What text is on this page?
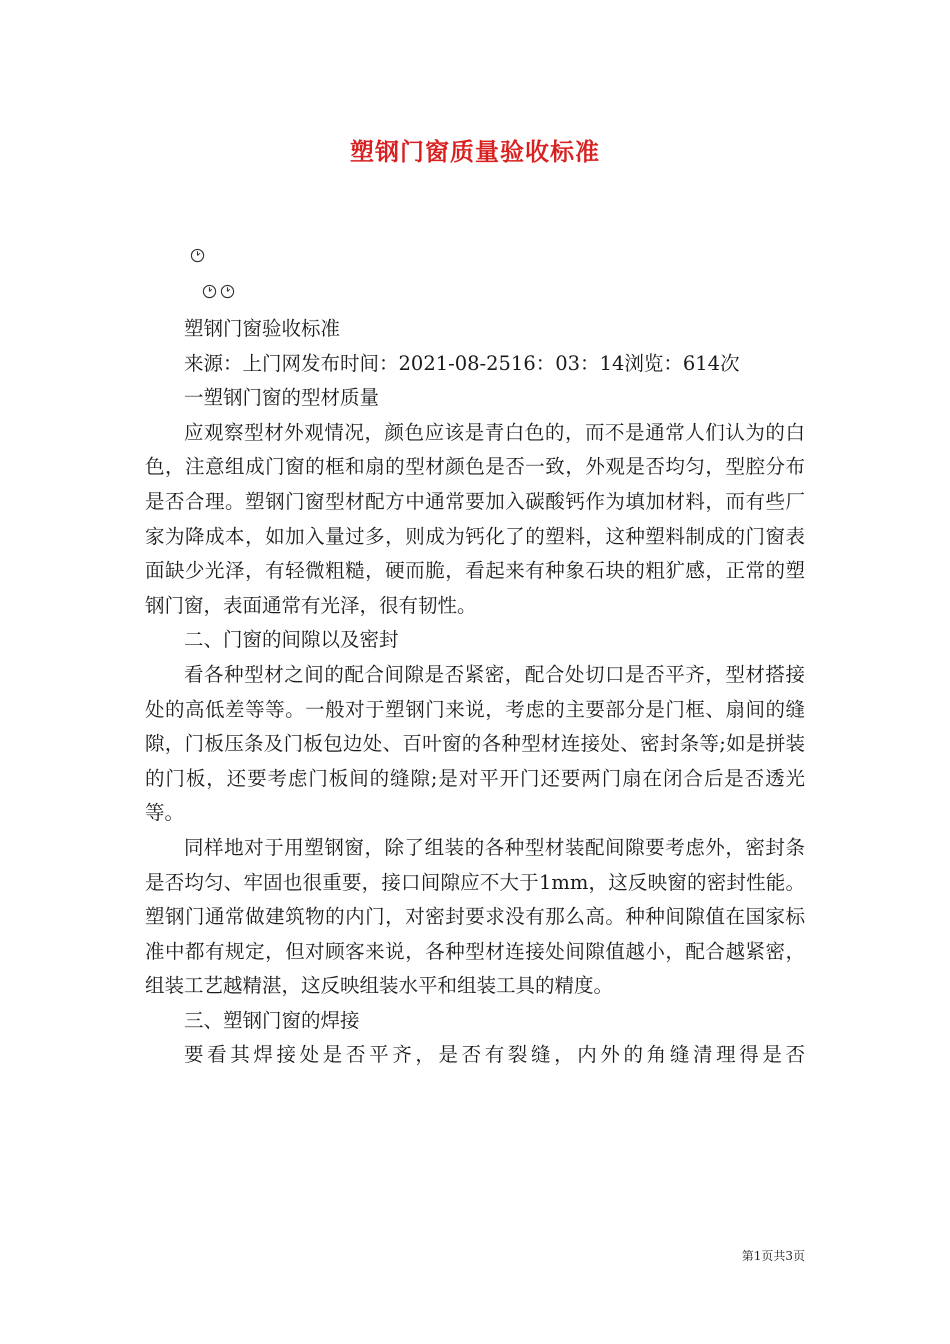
塑钢门窗质量验收标准

塑钢门窗验收标准

来源：上门网发布时间：2021-08-2516：03：14浏览：614次

一塑钢门窗的型材质量

应观察型材外观情况，颜色应该是青白色的，而不是通常人们认为的白色，注意组成门窗的框和扇的型材颜色是否一致，外观是否均匀，型腔分布是否合理。塑钢门窗型材配方中通常要加入碳酸钙作为填加材料，而有些厂家为降成本，如加入量过多，则成为钙化了的塑料，这种塑料制成的门窗表面缺少光泽，有轻微粗糙，硬而脆，看起来有种象石块的粗犷感，正常的塑钢门窗，表面通常有光泽，很有韧性。

二、门窗的间隙以及密封

看各种型材之间的配合间隙是否紧密，配合处切口是否平齐，型材搭接处的高低差等等。一般对于塑钢门来说，考虑的主要部分是门框、扇间的缝隙，门板压条及门板包边处、百叶窗的各种型材连接处、密封条等;如是拼装的门板，还要考虑门板间的缝隙;是对平开门还要两门扇在闭合后是否透光等。

同样地对于用塑钢窗，除了组装的各种型材装配间隙要考虑外，密封条是否均匀、牢固也很重要，接口间隙应不大于1mm，这反映窗的密封性能。塑钢门通常做建筑物的内门，对密封要求没有那么高。种种间隙值在国家标准中都有规定，但对顾客来说，各种型材连接处间隙值越小，配合越紧密，组装工艺越精湛，这反映组装水平和组装工具的精度。

三、塑钢门窗的焊接

要看其焊接处是否平齐，是否有裂缝，内外的角缝清理得是否

第1页共3页
